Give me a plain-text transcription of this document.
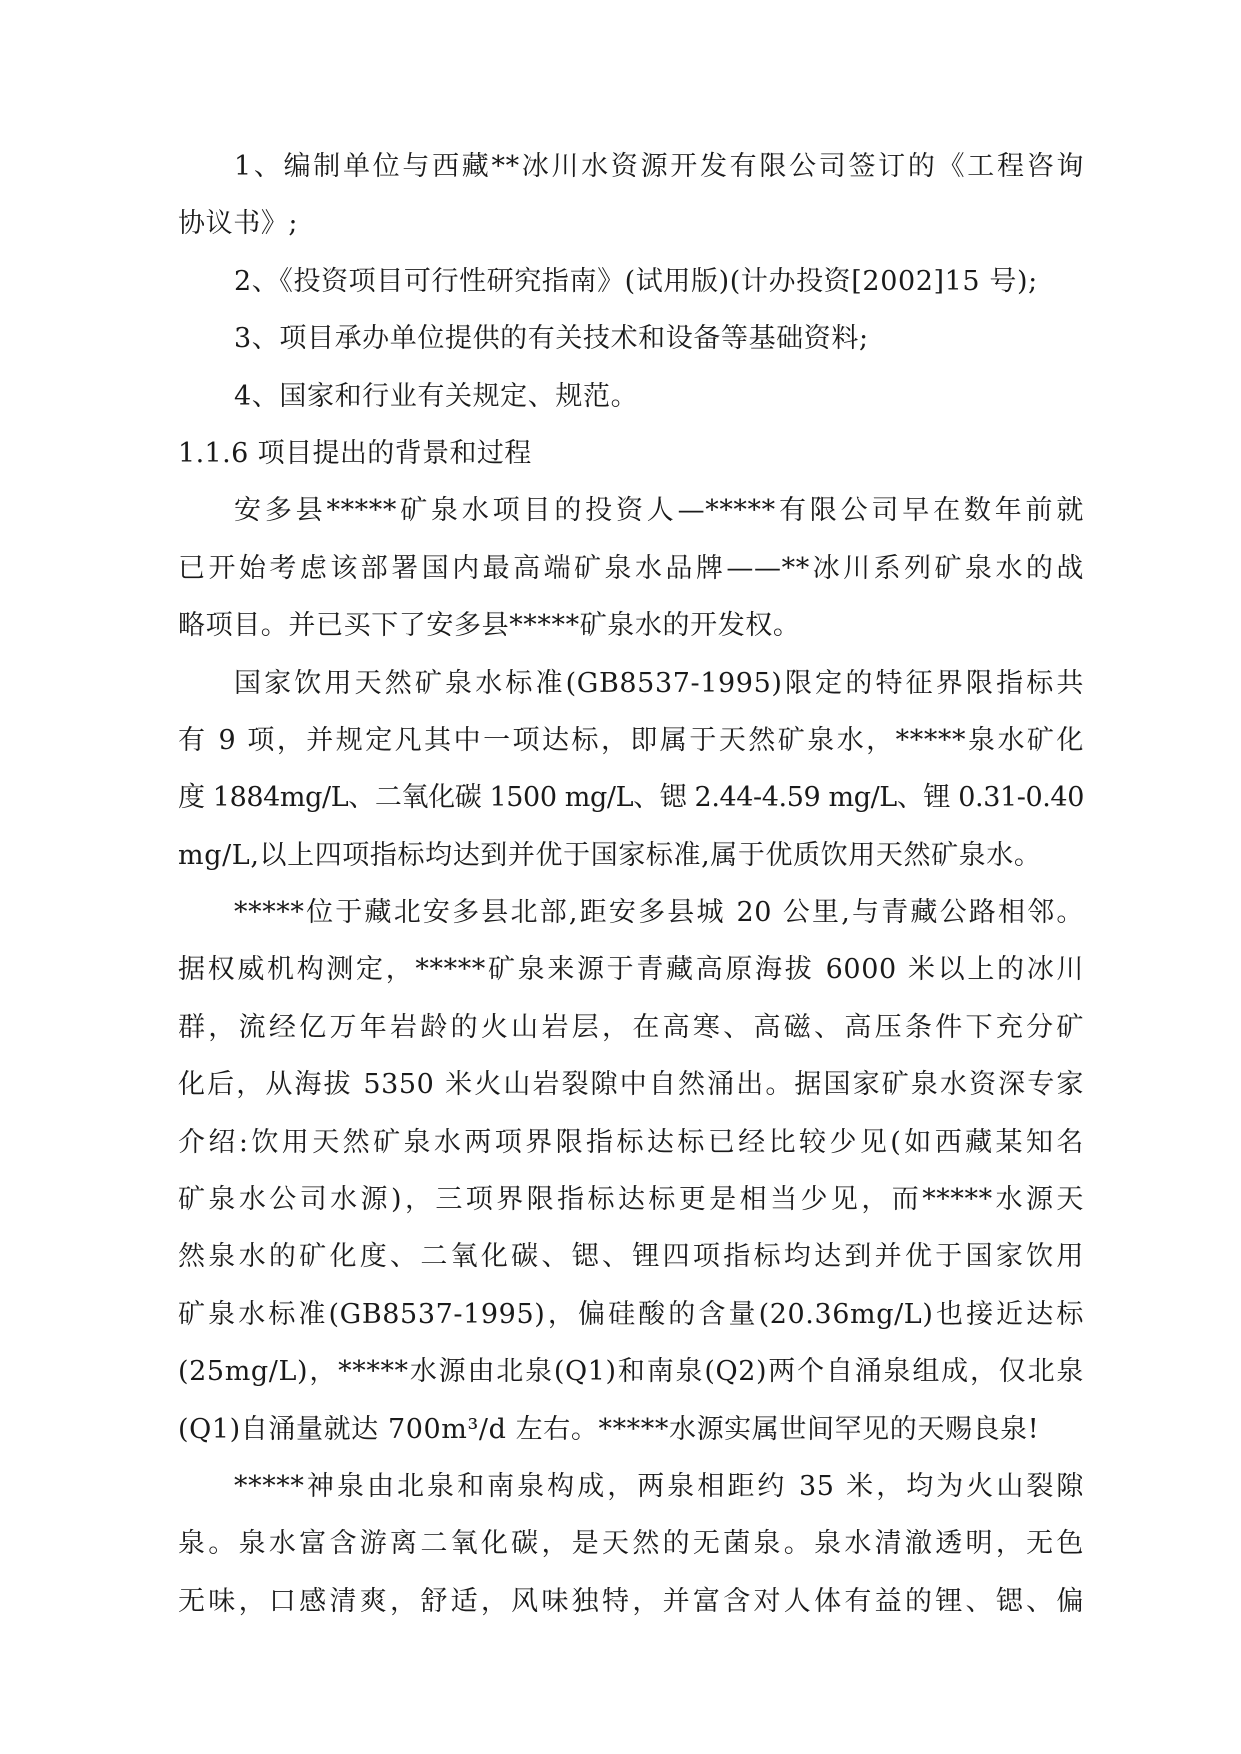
1、编制单位与西藏**冰川水资源开发有限公司签订的《工程咨询
协议书》;
2、《投资项目可行性研究指南》(试用版)(计办投资[2002]15 号);
3、项目承办单位提供的有关技术和设备等基础资料;
4、国家和行业有关规定、规范。
1.1.6 项目提出的背景和过程
安多县*****矿泉水项目的投资人—*****有限公司早在数年前就
已开始考虑该部署国内最高端矿泉水品牌——**冰川系列矿泉水的战
略项目。并已买下了安多县*****矿泉水的开发权。
国家饮用天然矿泉水标准(GB8537-1995)限定的特征界限指标共
有 9 项，并规定凡其中一项达标，即属于天然矿泉水，*****泉水矿化
度 1884mg/L、二氧化碳 1500 mg/L、锶 2.44-4.59 mg/L、锂 0.31-0.40
mg/L,以上四项指标均达到并优于国家标准,属于优质饮用天然矿泉水。
*****位于藏北安多县北部,距安多县城 20 公里,与青藏公路相邻。
据权威机构测定，*****矿泉来源于青藏高原海拔 6000 米以上的冰川
群，流经亿万年岩龄的火山岩层，在高寒、高磁、高压条件下充分矿
化后，从海拔 5350 米火山岩裂隙中自然涌出。据国家矿泉水资深专家
介绍:饮用天然矿泉水两项界限指标达标已经比较少见(如西藏某知名
矿泉水公司水源)，三项界限指标达标更是相当少见，而*****水源天
然泉水的矿化度、二氧化碳、锶、锂四项指标均达到并优于国家饮用
矿泉水标准(GB8537-1995)，偏硅酸的含量(20.36mg/L)也接近达标
(25mg/L)，*****水源由北泉(Q1)和南泉(Q2)两个自涌泉组成，仅北泉
(Q1)自涌量就达 700m³/d 左右。*****水源实属世间罕见的天赐良泉!
*****神泉由北泉和南泉构成，两泉相距约 35 米，均为火山裂隙
泉。泉水富含游离二氧化碳，是天然的无菌泉。泉水清澈透明，无色
无味，口感清爽，舒适，风味独特，并富含对人体有益的锂、锶、偏
